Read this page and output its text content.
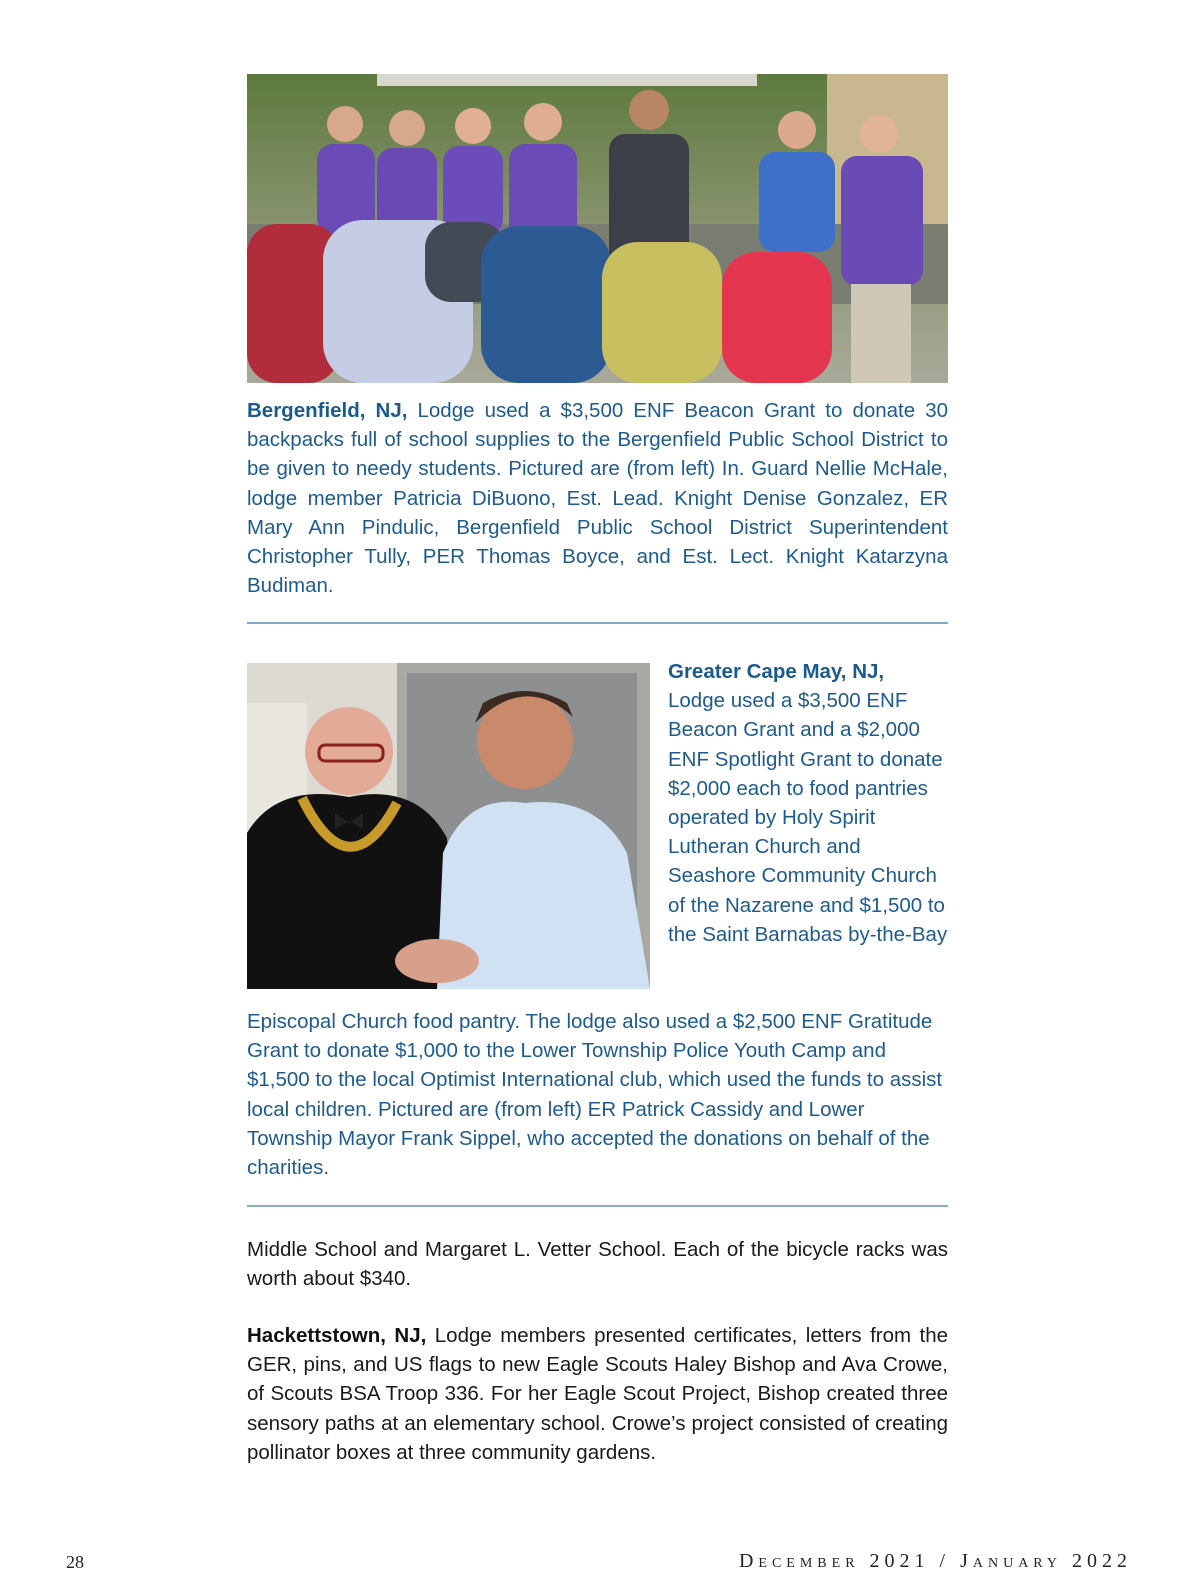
Bergenfield, NJ, Lodge used a $3,500 ENF Beacon Grant to donate 30 backpacks full of school supplies to the Bergenfield Public School District to be given to needy students. Pictured are (from left) In. Guard Nellie McHale, lodge member Patricia DiBuono, Est. Lead. Knight Denise Gonzalez, ER Mary Ann Pindulic, Bergenfield Public School District Superintendent Christopher Tully, PER Thomas Boyce, and Est. Lect. Knight Katarzyna Budiman.

Greater Cape May, NJ,
Lodge used a $3,500 ENF Beacon Grant and a $2,000 ENF Spotlight Grant to donate $2,000 each to food pantries operated by Holy Spirit Lutheran Church and Seashore Community Church of the Nazarene and $1,500 to the Saint Barnabas by-the-Bay

Episcopal Church food pantry. The lodge also used a $2,500 ENF Gratitude Grant to donate $1,000 to the Lower Township Police Youth Camp and $1,500 to the local Optimist International club, which used the funds to assist local children. Pictured are (from left) ER Patrick Cassidy and Lower Township Mayor Frank Sippel, who accepted the donations on behalf of the charities.

Middle School and Margaret L. Vetter School. Each of the bicycle racks was worth about $340.

Hackettstown, NJ, Lodge members presented certificates, letters from the GER, pins, and US flags to new Eagle Scouts Haley Bishop and Ava Crowe, of Scouts BSA Troop 336. For her Eagle Scout Project, Bishop created three sensory paths at an elementary school. Crowe’s project consisted of creating pollinator boxes at three community gardens.

28	December 2021 / January 2022
